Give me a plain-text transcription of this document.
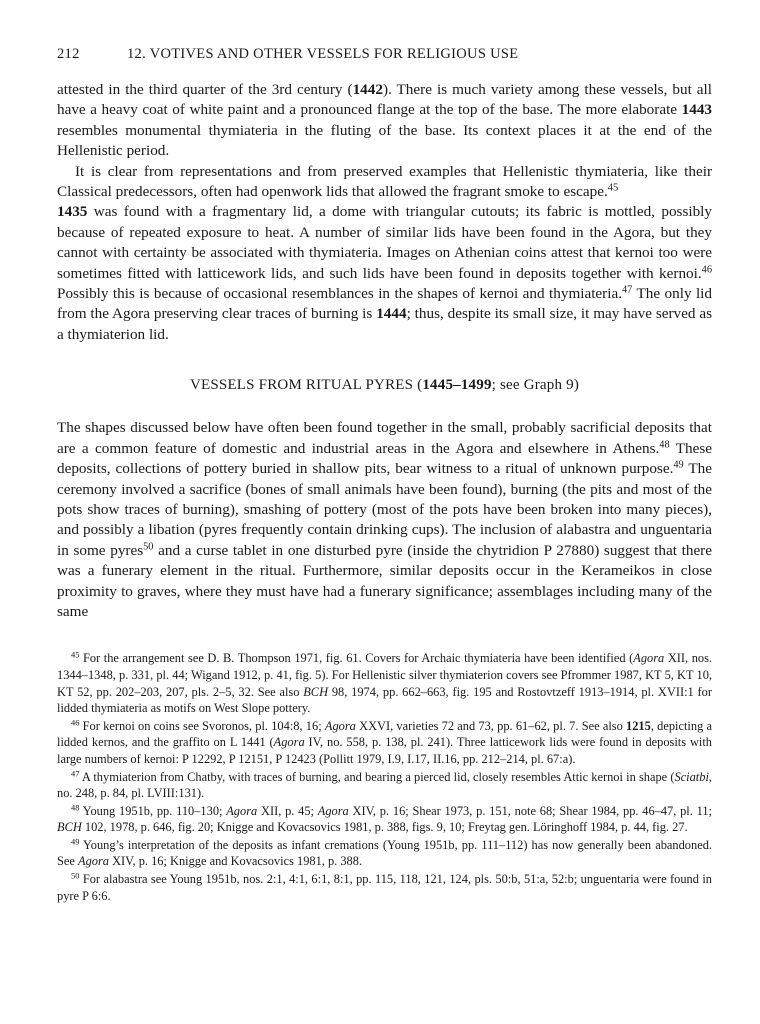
212	12. VOTIVES AND OTHER VESSELS FOR RELIGIOUS USE

attested in the third quarter of the 3rd century (1442). There is much variety among these vessels, but all have a heavy coat of white paint and a pronounced flange at the top of the base. The more elaborate 1443 resembles monumental thymiateria in the fluting of the base. Its context places it at the end of the Hellenistic period.

It is clear from representations and from preserved examples that Hellenistic thymiateria, like their Classical predecessors, often had openwork lids that allowed the fragrant smoke to escape.$^{45}$
1435 was found with a fragmentary lid, a dome with triangular cutouts; its fabric is mottled, possibly because of repeated exposure to heat. A number of similar lids have been found in the Agora, but they cannot with certainty be associated with thymiateria. Images on Athenian coins attest that kernoi too were sometimes fitted with latticework lids, and such lids have been found in deposits together with kernoi.$^{46}$ Possibly this is because of occasional resemblances in the shapes of kernoi and thymiateria.$^{47}$ The only lid from the Agora preserving clear traces of burning is 1444; thus, despite its small size, it may have served as a thymiaterion lid.

VESSELS FROM RITUAL PYRES (1445–1499; see Graph 9)

The shapes discussed below have often been found together in the small, probably sacrificial deposits that are a common feature of domestic and industrial areas in the Agora and elsewhere in Athens.$^{48}$ These deposits, collections of pottery buried in shallow pits, bear witness to a ritual of unknown purpose.$^{49}$ The ceremony involved a sacrifice (bones of small animals have been found), burning (the pits and most of the pots show traces of burning), smashing of pottery (most of the pots have been broken into many pieces), and possibly a libation (pyres frequently contain drinking cups). The inclusion of alabastra and unguentaria in some pyres$^{50}$ and a curse tablet in one disturbed pyre (inside the chytridion P 27880) suggest that there was a funerary element in the ritual. Furthermore, similar deposits occur in the Kerameikos in close proximity to graves, where they must have had a funerary significance; assemblages including many of the same

$^{45}$ For the arrangement see D. B. Thompson 1971, fig. 61. Covers for Archaic thymiateria have been identified (Agora XII, nos. 1344–1348, p. 331, pl. 44; Wigand 1912, p. 41, fig. 5). For Hellenistic silver thymiaterion covers see Pfrommer 1987, KT 5, KT 10, KT 52, pp. 202–203, 207, pls. 2–5, 32. See also BCH 98, 1974, pp. 662–663, fig. 195 and Rostovtzeff 1913–1914, pl. XVII:1 for lidded thymiateria as motifs on West Slope pottery.

$^{46}$ For kernoi on coins see Svoronos, pl. 104:8, 16; Agora XXVI, varieties 72 and 73, pp. 61–62, pl. 7. See also 1215, depicting a lidded kernos, and the graffito on L 1441 (Agora IV, no. 558, p. 138, pl. 241). Three latticework lids were found in deposits with large numbers of kernoi: P 12292, P 12151, P 12423 (Pollitt 1979, I.9, I.17, II.16, pp. 212–214, pl. 67:a).

$^{47}$ A thymiaterion from Chatby, with traces of burning, and bearing a pierced lid, closely resembles Attic kernoi in shape (Sciatbi, no. 248, p. 84, pl. LVIII:131).

$^{48}$ Young 1951b, pp. 110–130; Agora XII, p. 45; Agora XIV, p. 16; Shear 1973, p. 151, note 68; Shear 1984, pp. 46–47, pl. 11; BCH 102, 1978, p. 646, fig. 20; Knigge and Kovacsovics 1981, p. 388, figs. 9, 10; Freytag gen. Löringhoff 1984, p. 44, fig. 27.

$^{49}$ Young’s interpretation of the deposits as infant cremations (Young 1951b, pp. 111–112) has now generally been abandoned. See Agora XIV, p. 16; Knigge and Kovacsovics 1981, p. 388.

$^{50}$ For alabastra see Young 1951b, nos. 2:1, 4:1, 6:1, 8:1, pp. 115, 118, 121, 124, pls. 50:b, 51:a, 52:b; unguentaria were found in pyre P 6:6.
